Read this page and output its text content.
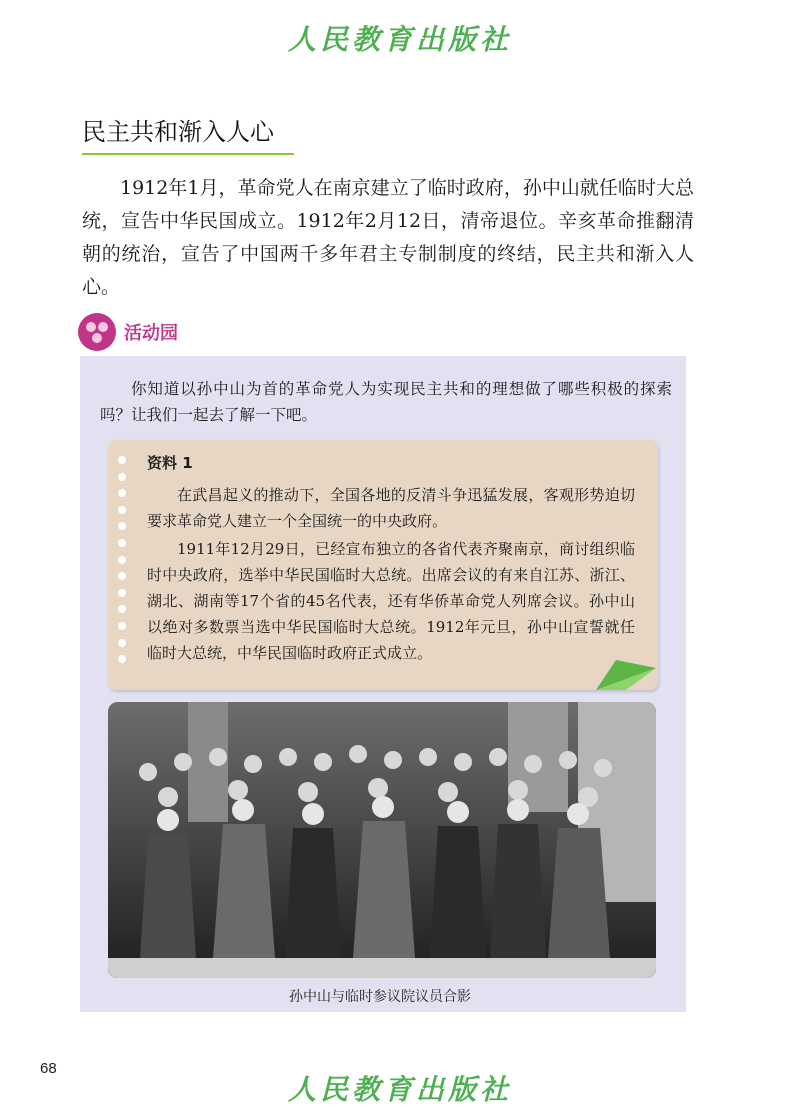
人民教育出版社
民主共和渐入人心

1912年1月，革命党人在南京建立了临时政府，孙中山就任临时大总统，宣告中华民国成立。1912年2月12日，清帝退位。辛亥革命推翻清朝的统治，宣告了中国两千多年君主专制制度的终结，民主共和渐入人心。

活动园

你知道以孙中山为首的革命党人为实现民主共和的理想做了哪些积极的探索吗？让我们一起去了解一下吧。

资料 1

在武昌起义的推动下，全国各地的反清斗争迅猛发展，客观形势迫切要求革命党人建立一个全国统一的中央政府。

1911年12月29日，已经宣布独立的各省代表齐聚南京，商讨组织临时中央政府，选举中华民国临时大总统。出席会议的有来自江苏、浙江、湖北、湖南等17个省的45名代表，还有华侨革命党人列席会议。孙中山以绝对多数票当选中华民国临时大总统。1912年元旦，孙中山宣誓就任临时大总统，中华民国临时政府正式成立。

孙中山与临时参议院议员合影
68
人民教育出版社
